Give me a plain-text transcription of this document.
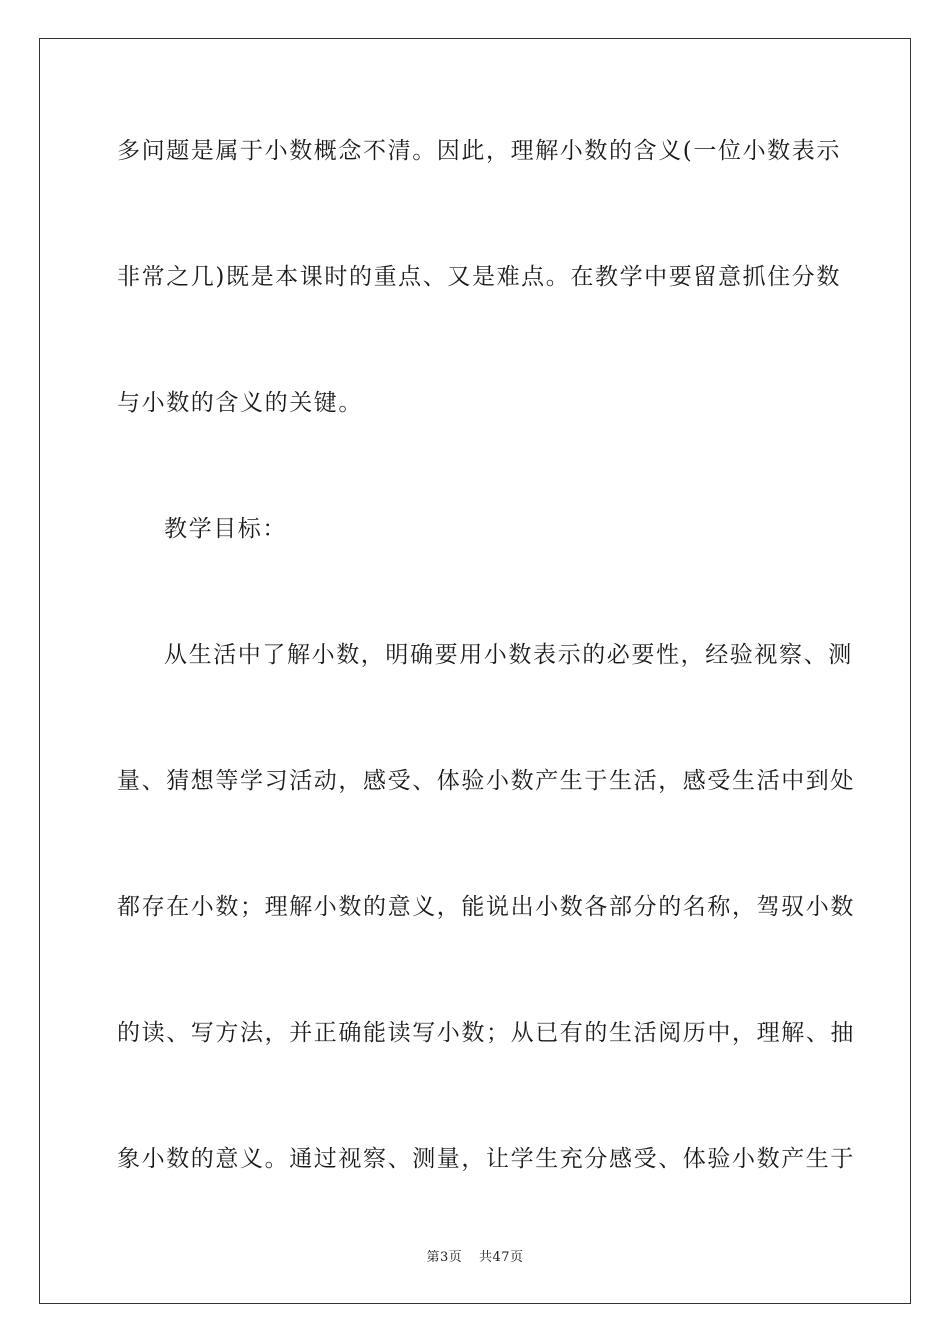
多问题是属于小数概念不清。因此，理解小数的含义(一位小数表示
非常之几)既是本课时的重点、又是难点。在教学中要留意抓住分数
与小数的含义的关键。
教学目标：
从生活中了解小数，明确要用小数表示的必要性，经验视察、测
量、猜想等学习活动，感受、体验小数产生于生活，感受生活中到处
都存在小数；理解小数的意义，能说出小数各部分的名称，驾驭小数
的读、写方法，并正确能读写小数；从已有的生活阅历中，理解、抽
象小数的意义。通过视察、测量，让学生充分感受、体验小数产生于
第3页 共47页
